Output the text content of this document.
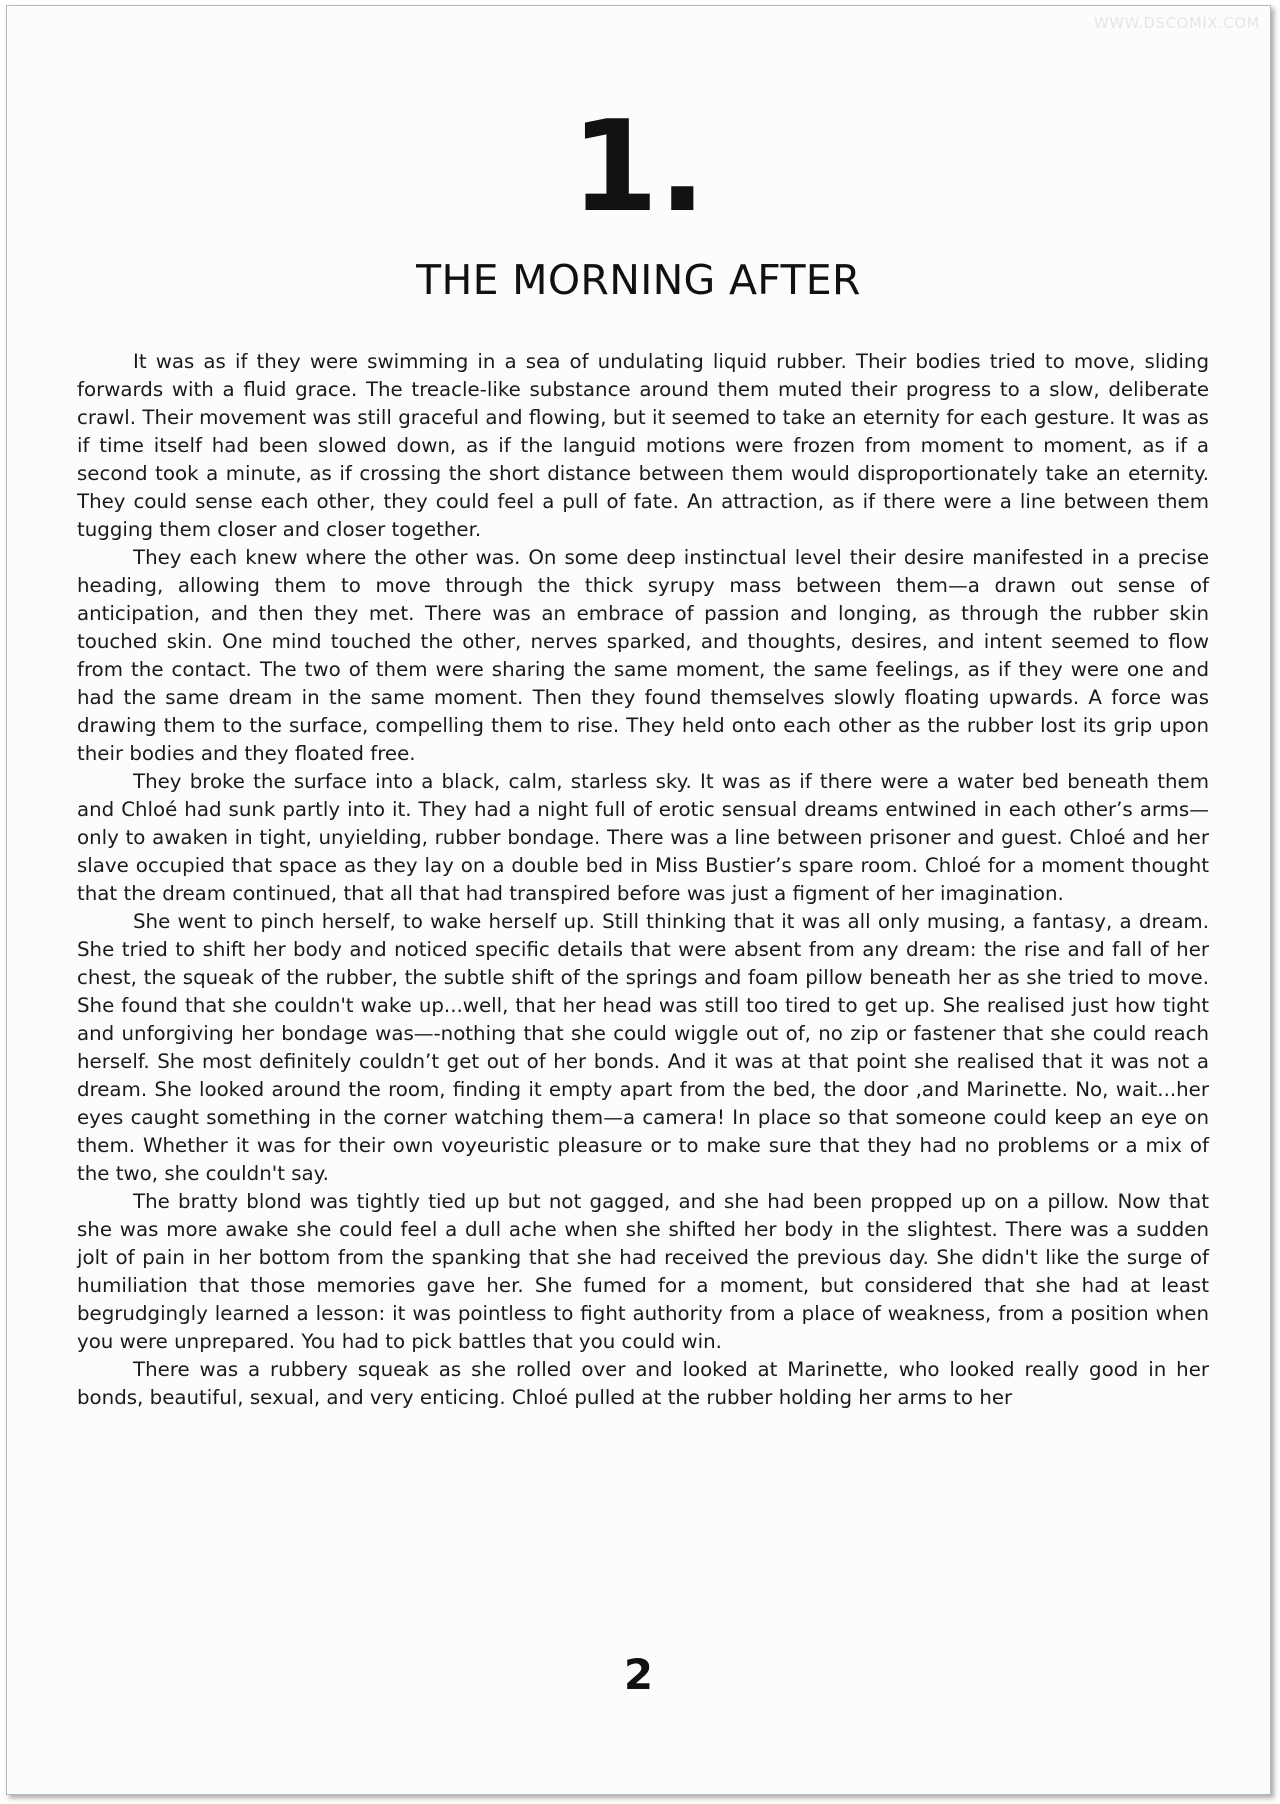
WWW.DSCOMIX.COM
1.
THE MORNING AFTER

It was as if they were swimming in a sea of undulating liquid rubber. Their bodies tried to move, sliding forwards with a fluid grace. The treacle-like substance around them muted their progress to a slow, deliberate crawl. Their movement was still graceful and flowing, but it seemed to take an eternity for each gesture. It was as if time itself had been slowed down, as if the languid motions were frozen from moment to moment, as if a second took a minute, as if crossing the short distance between them would disproportionately take an eternity. They could sense each other, they could feel a pull of fate. An attraction, as if there were a line between them tugging them closer and closer together.

They each knew where the other was. On some deep instinctual level their desire manifested in a precise heading, allowing them to move through the thick syrupy mass between them—a drawn out sense of anticipation, and then they met. There was an embrace of passion and longing, as through the rubber skin touched skin. One mind touched the other, nerves sparked, and thoughts, desires, and intent seemed to flow from the contact. The two of them were sharing the same moment, the same feelings, as if they were one and had the same dream in the same moment. Then they found themselves slowly floating upwards. A force was drawing them to the surface, compelling them to rise. They held onto each other as the rubber lost its grip upon their bodies and they floated free.

They broke the surface into a black, calm, starless sky. It was as if there were a water bed beneath them and Chloé had sunk partly into it. They had a night full of erotic sensual dreams entwined in each other’s arms—only to awaken in tight, unyielding, rubber bondage. There was a line between prisoner and guest. Chloé and her slave occupied that space as they lay on a double bed in Miss Bustier’s spare room. Chloé for a moment thought that the dream continued, that all that had transpired before was just a figment of her imagination.

She went to pinch herself, to wake herself up. Still thinking that it was all only musing, a fantasy, a dream. She tried to shift her body and noticed specific details that were absent from any dream: the rise and fall of her chest, the squeak of the rubber, the subtle shift of the springs and foam pillow beneath her as she tried to move. She found that she couldn't wake up...well, that her head was still too tired to get up. She realised just how tight and unforgiving her bondage was—-nothing that she could wiggle out of, no zip or fastener that she could reach herself. She most definitely couldn’t get out of her bonds. And it was at that point she realised that it was not a dream. She looked around the room, finding it empty apart from the bed, the door ,and Marinette. No, wait...her eyes caught something in the corner watching them—a camera! In place so that someone could keep an eye on them. Whether it was for their own voyeuristic pleasure or to make sure that they had no problems or a mix of the two, she couldn't say.

The bratty blond was tightly tied up but not gagged, and she had been propped up on a pillow. Now that she was more awake she could feel a dull ache when she shifted her body in the slightest. There was a sudden jolt of pain in her bottom from the spanking that she had received the previous day. She didn't like the surge of humiliation that those memories gave her. She fumed for a moment, but considered that she had at least begrudgingly learned a lesson: it was pointless to fight authority from a place of weakness, from a position when you were unprepared. You had to pick battles that you could win.

There was a rubbery squeak as she rolled over and looked at Marinette, who looked really good in her bonds, beautiful, sexual, and very enticing. Chloé pulled at the rubber holding her arms to her

2
